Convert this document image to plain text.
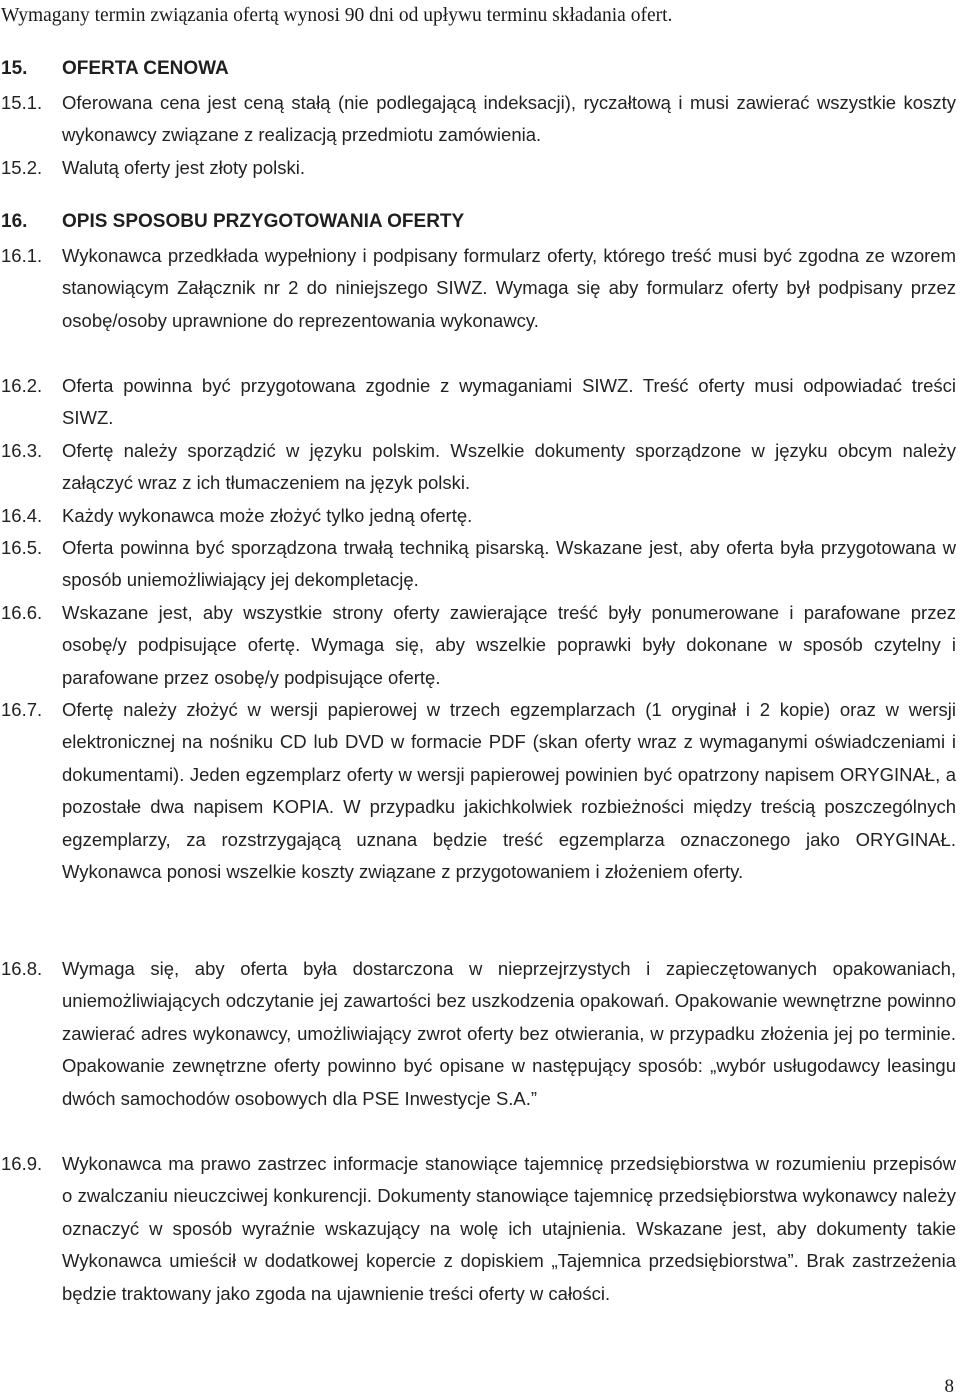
Wymagany termin związania ofertą wynosi 90 dni od upływu terminu składania ofert.
15. OFERTA CENOWA
15.1. Oferowana cena jest ceną stałą (nie podlegającą indeksacji), ryczałtową i musi zawierać wszystkie koszty wykonawcy związane z realizacją przedmiotu zamówienia.
15.2. Walutą oferty jest złoty polski.
16. OPIS SPOSOBU PRZYGOTOWANIA OFERTY
16.1. Wykonawca przedkłada wypełniony i podpisany formularz oferty, którego treść musi być zgodna ze wzorem stanowiącym Załącznik nr 2 do niniejszego SIWZ. Wymaga się aby formularz oferty był podpisany przez osobę/osoby uprawnione do reprezentowania wykonawcy.
16.2. Oferta powinna być przygotowana zgodnie z wymaganiami SIWZ. Treść oferty musi odpowiadać treści SIWZ.
16.3. Ofertę należy sporządzić w języku polskim. Wszelkie dokumenty sporządzone w języku obcym należy załączyć wraz z ich tłumaczeniem na język polski.
16.4. Każdy wykonawca może złożyć tylko jedną ofertę.
16.5. Oferta powinna być sporządzona trwałą techniką pisarską. Wskazane jest, aby oferta była przygotowana w sposób uniemożliwiający jej dekompletację.
16.6. Wskazane jest, aby wszystkie strony oferty zawierające treść były ponumerowane i parafowane przez osobę/y podpisujące ofertę. Wymaga się, aby wszelkie poprawki były dokonane w sposób czytelny i parafowane przez osobę/y podpisujące ofertę.
16.7. Ofertę należy złożyć w wersji papierowej w trzech egzemplarzach (1 oryginał i 2 kopie) oraz w wersji elektronicznej na nośniku CD lub DVD w formacie PDF (skan oferty wraz z wymaganymi oświadczeniami i dokumentami). Jeden egzemplarz oferty w wersji papierowej powinien być opatrzony napisem ORYGINAŁ, a pozostałe dwa napisem KOPIA. W przypadku jakichkolwiek rozbieżności między treścią poszczególnych egzemplarzy, za rozstrzygającą uznana będzie treść egzemplarza oznaczonego jako ORYGINAŁ. Wykonawca ponosi wszelkie koszty związane z przygotowaniem i złożeniem oferty.
16.8. Wymaga się, aby oferta była dostarczona w nieprzejrzystych i zapieczętowanych opakowaniach, uniemożliwiających odczytanie jej zawartości bez uszkodzenia opakowań. Opakowanie wewnętrzne powinno zawierać adres wykonawcy, umożliwiający zwrot oferty bez otwierania, w przypadku złożenia jej po terminie. Opakowanie zewnętrzne oferty powinno być opisane w następujący sposób: „wybór usługodawcy leasingu dwóch samochodów osobowych dla PSE Inwestycje S.A.”
16.9. Wykonawca ma prawo zastrzec informacje stanowiące tajemnicę przedsiębiorstwa w rozumieniu przepisów o zwalczaniu nieuczciwej konkurencji. Dokumenty stanowiące tajemnicę przedsiębiorstwa wykonawcy należy oznaczyć w sposób wyraźnie wskazujący na wolę ich utajnienia. Wskazane jest, aby dokumenty takie Wykonawca umieścił w dodatkowej kopercie z dopiskiem „Tajemnica przedsiębiorstwa”. Brak zastrzeżenia będzie traktowany jako zgoda na ujawnienie treści oferty w całości.
8
